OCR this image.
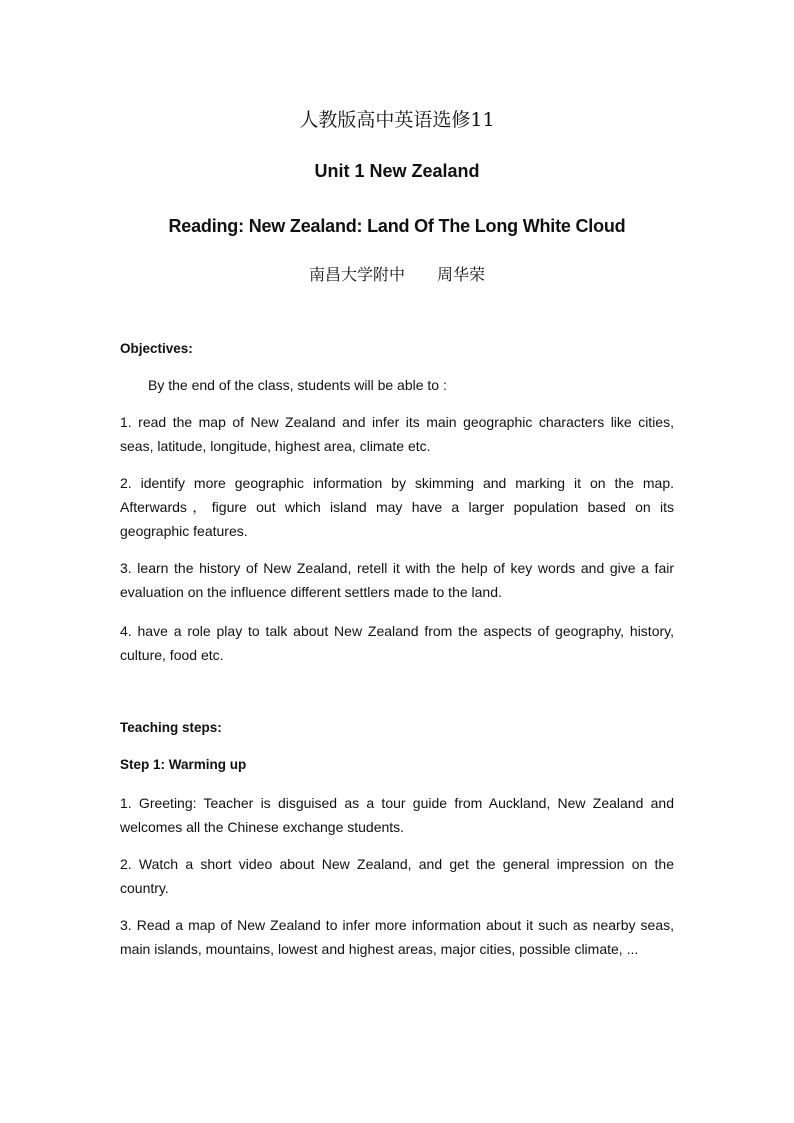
人教版高中英语选修11
Unit 1 New Zealand
Reading: New Zealand: Land Of The Long White Cloud
南昌大学附中 周华荣

Objectives:

By the end of the class, students will be able to :

1. read the map of New Zealand and infer its main geographic characters like cities, seas, latitude, longitude, highest area, climate etc.

2. identify more geographic information by skimming and marking it on the map. Afterwards，figure out which island may have a larger population based on its geographic features.

3. learn the history of New Zealand, retell it with the help of key words and give a fair evaluation on the influence different settlers made to the land.

4. have a role play to talk about New Zealand from the aspects of geography, history, culture, food etc.

Teaching steps:

Step 1: Warming up

1. Greeting: Teacher is disguised as a tour guide from Auckland, New Zealand and welcomes all the Chinese exchange students.

2. Watch a short video about New Zealand, and get the general impression on the country.

3. Read a map of New Zealand to infer more information about it such as nearby seas, main islands, mountains, lowest and highest areas, major cities, possible climate, ...
